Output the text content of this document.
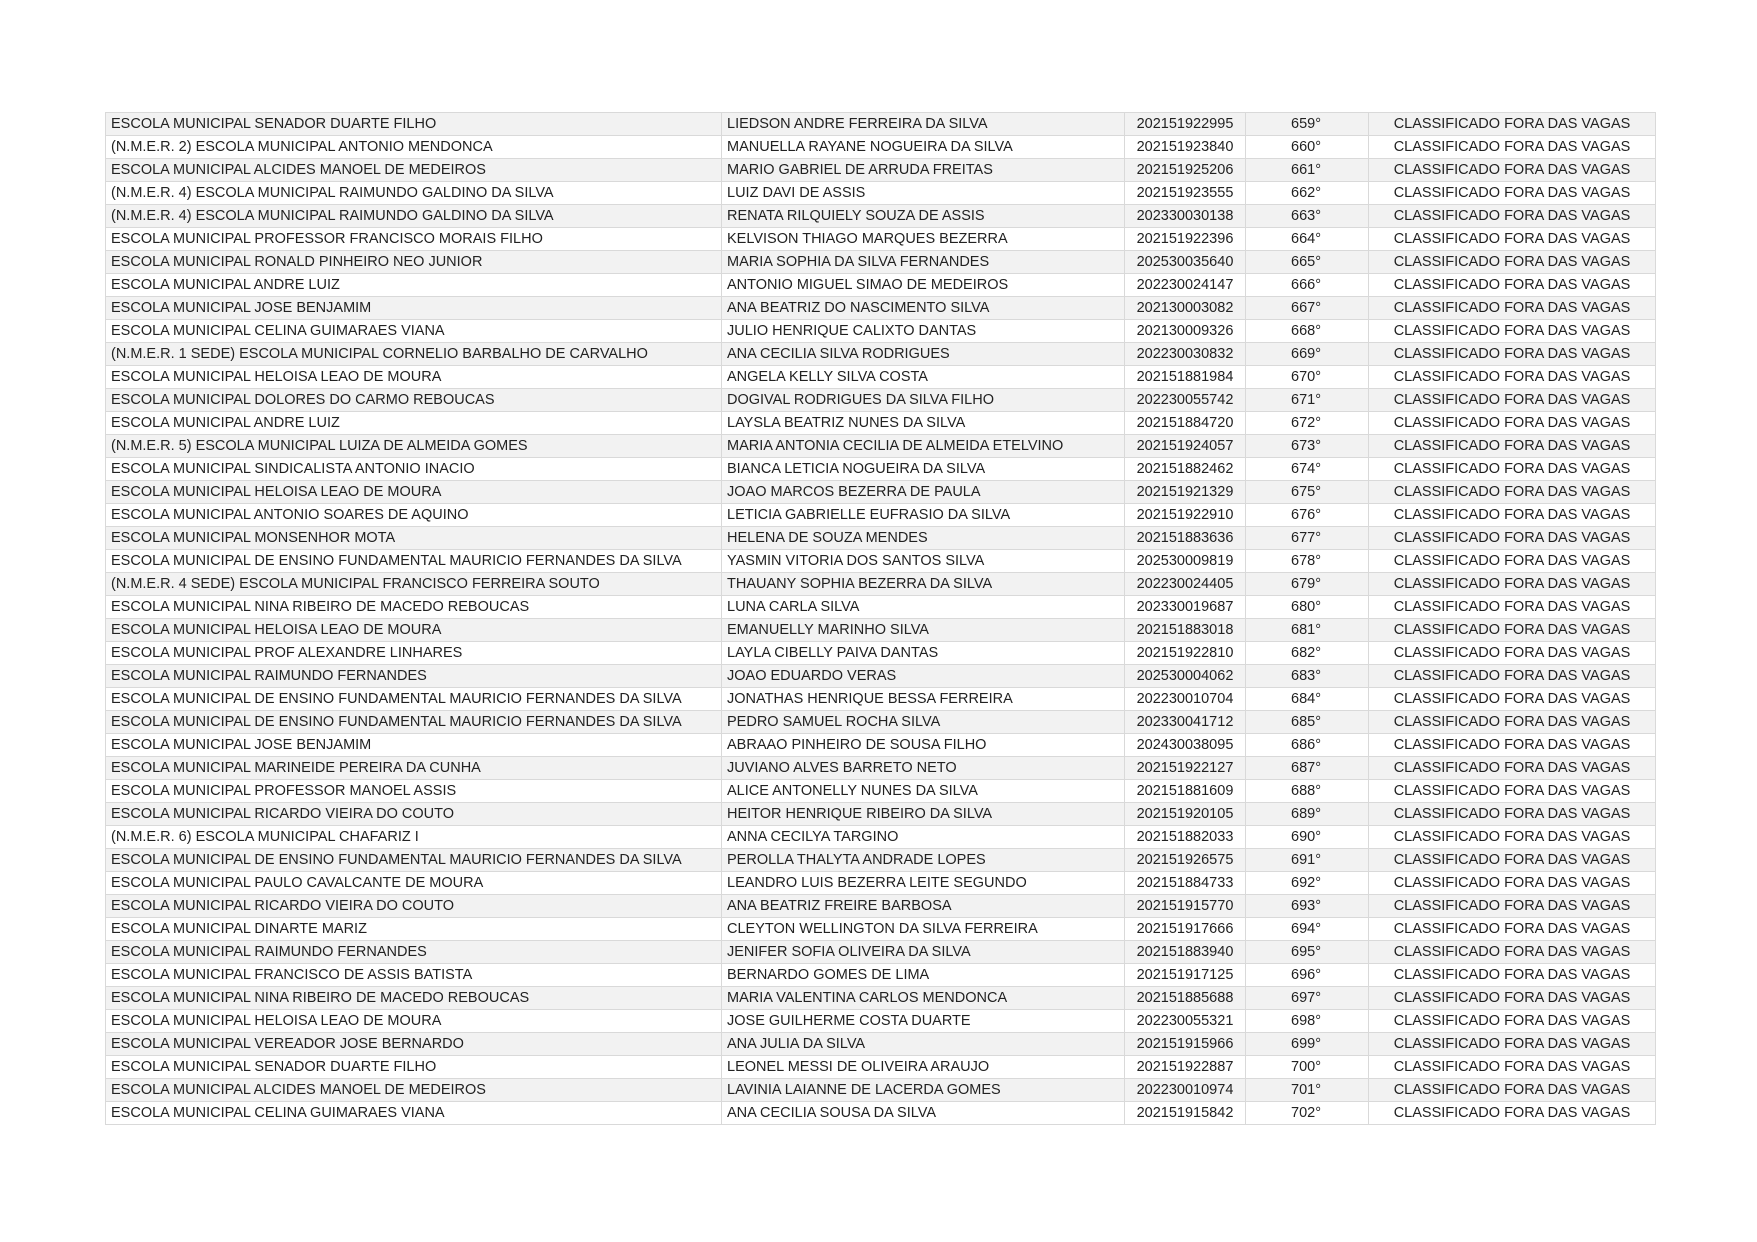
ESCOLA MUNICIPAL SENADOR DUARTE FILHO	LIEDSON ANDRE FERREIRA DA SILVA	202151922995	659°	CLASSIFICADO FORA DAS VAGAS
(N.M.E.R. 2) ESCOLA MUNICIPAL ANTONIO MENDONCA	MANUELLA RAYANE NOGUEIRA DA SILVA	202151923840	660°	CLASSIFICADO FORA DAS VAGAS
ESCOLA MUNICIPAL ALCIDES MANOEL DE MEDEIROS	MARIO GABRIEL DE ARRUDA FREITAS	202151925206	661°	CLASSIFICADO FORA DAS VAGAS
(N.M.E.R. 4) ESCOLA MUNICIPAL RAIMUNDO GALDINO DA SILVA	LUIZ DAVI DE ASSIS	202151923555	662°	CLASSIFICADO FORA DAS VAGAS
(N.M.E.R. 4) ESCOLA MUNICIPAL RAIMUNDO GALDINO DA SILVA	RENATA RILQUIELY SOUZA DE ASSIS	202330030138	663°	CLASSIFICADO FORA DAS VAGAS
ESCOLA MUNICIPAL PROFESSOR FRANCISCO MORAIS FILHO	KELVISON THIAGO MARQUES BEZERRA	202151922396	664°	CLASSIFICADO FORA DAS VAGAS
ESCOLA MUNICIPAL RONALD PINHEIRO NEO JUNIOR	MARIA SOPHIA DA SILVA FERNANDES	202530035640	665°	CLASSIFICADO FORA DAS VAGAS
ESCOLA MUNICIPAL ANDRE LUIZ	ANTONIO MIGUEL SIMAO DE MEDEIROS	202230024147	666°	CLASSIFICADO FORA DAS VAGAS
ESCOLA MUNICIPAL JOSE BENJAMIM	ANA BEATRIZ DO NASCIMENTO SILVA	202130003082	667°	CLASSIFICADO FORA DAS VAGAS
ESCOLA MUNICIPAL CELINA GUIMARAES VIANA	JULIO HENRIQUE CALIXTO DANTAS	202130009326	668°	CLASSIFICADO FORA DAS VAGAS
(N.M.E.R. 1 SEDE) ESCOLA MUNICIPAL CORNELIO BARBALHO DE CARVALHO	ANA CECILIA SILVA RODRIGUES	202230030832	669°	CLASSIFICADO FORA DAS VAGAS
ESCOLA MUNICIPAL HELOISA LEAO DE MOURA	ANGELA KELLY SILVA COSTA	202151881984	670°	CLASSIFICADO FORA DAS VAGAS
ESCOLA MUNICIPAL DOLORES DO CARMO REBOUCAS	DOGIVAL RODRIGUES DA SILVA FILHO	202230055742	671°	CLASSIFICADO FORA DAS VAGAS
ESCOLA MUNICIPAL ANDRE LUIZ	LAYSLA BEATRIZ NUNES DA SILVA	202151884720	672°	CLASSIFICADO FORA DAS VAGAS
(N.M.E.R. 5) ESCOLA MUNICIPAL LUIZA DE ALMEIDA GOMES	MARIA ANTONIA CECILIA DE ALMEIDA ETELVINO	202151924057	673°	CLASSIFICADO FORA DAS VAGAS
ESCOLA MUNICIPAL SINDICALISTA ANTONIO INACIO	BIANCA LETICIA NOGUEIRA DA SILVA	202151882462	674°	CLASSIFICADO FORA DAS VAGAS
ESCOLA MUNICIPAL HELOISA LEAO DE MOURA	JOAO MARCOS BEZERRA DE PAULA	202151921329	675°	CLASSIFICADO FORA DAS VAGAS
ESCOLA MUNICIPAL ANTONIO SOARES DE AQUINO	LETICIA GABRIELLE EUFRASIO DA SILVA	202151922910	676°	CLASSIFICADO FORA DAS VAGAS
ESCOLA MUNICIPAL MONSENHOR MOTA	HELENA DE SOUZA MENDES	202151883636	677°	CLASSIFICADO FORA DAS VAGAS
ESCOLA MUNICIPAL DE ENSINO FUNDAMENTAL MAURICIO FERNANDES DA SILVA	YASMIN VITORIA DOS SANTOS SILVA	202530009819	678°	CLASSIFICADO FORA DAS VAGAS
(N.M.E.R. 4 SEDE) ESCOLA MUNICIPAL FRANCISCO FERREIRA SOUTO	THAUANY SOPHIA BEZERRA DA SILVA	202230024405	679°	CLASSIFICADO FORA DAS VAGAS
ESCOLA MUNICIPAL NINA RIBEIRO DE MACEDO REBOUCAS	LUNA CARLA SILVA	202330019687	680°	CLASSIFICADO FORA DAS VAGAS
ESCOLA MUNICIPAL HELOISA LEAO DE MOURA	EMANUELLY MARINHO SILVA	202151883018	681°	CLASSIFICADO FORA DAS VAGAS
ESCOLA MUNICIPAL PROF ALEXANDRE LINHARES	LAYLA CIBELLY PAIVA DANTAS	202151922810	682°	CLASSIFICADO FORA DAS VAGAS
ESCOLA MUNICIPAL RAIMUNDO FERNANDES	JOAO EDUARDO VERAS	202530004062	683°	CLASSIFICADO FORA DAS VAGAS
ESCOLA MUNICIPAL DE ENSINO FUNDAMENTAL MAURICIO FERNANDES DA SILVA	JONATHAS HENRIQUE BESSA FERREIRA	202230010704	684°	CLASSIFICADO FORA DAS VAGAS
ESCOLA MUNICIPAL DE ENSINO FUNDAMENTAL MAURICIO FERNANDES DA SILVA	PEDRO SAMUEL ROCHA SILVA	202330041712	685°	CLASSIFICADO FORA DAS VAGAS
ESCOLA MUNICIPAL JOSE BENJAMIM	ABRAAO PINHEIRO DE SOUSA FILHO	202430038095	686°	CLASSIFICADO FORA DAS VAGAS
ESCOLA MUNICIPAL MARINEIDE PEREIRA DA CUNHA	JUVIANO ALVES BARRETO NETO	202151922127	687°	CLASSIFICADO FORA DAS VAGAS
ESCOLA MUNICIPAL PROFESSOR MANOEL ASSIS	ALICE ANTONELLY NUNES DA SILVA	202151881609	688°	CLASSIFICADO FORA DAS VAGAS
ESCOLA MUNICIPAL RICARDO VIEIRA DO COUTO	HEITOR HENRIQUE RIBEIRO DA SILVA	202151920105	689°	CLASSIFICADO FORA DAS VAGAS
(N.M.E.R. 6) ESCOLA MUNICIPAL CHAFARIZ I	ANNA CECILYA TARGINO	202151882033	690°	CLASSIFICADO FORA DAS VAGAS
ESCOLA MUNICIPAL DE ENSINO FUNDAMENTAL MAURICIO FERNANDES DA SILVA	PEROLLA THALYTA ANDRADE LOPES	202151926575	691°	CLASSIFICADO FORA DAS VAGAS
ESCOLA MUNICIPAL PAULO CAVALCANTE DE MOURA	LEANDRO LUIS BEZERRA LEITE SEGUNDO	202151884733	692°	CLASSIFICADO FORA DAS VAGAS
ESCOLA MUNICIPAL RICARDO VIEIRA DO COUTO	ANA BEATRIZ FREIRE BARBOSA	202151915770	693°	CLASSIFICADO FORA DAS VAGAS
ESCOLA MUNICIPAL DINARTE MARIZ	CLEYTON WELLINGTON DA SILVA FERREIRA	202151917666	694°	CLASSIFICADO FORA DAS VAGAS
ESCOLA MUNICIPAL RAIMUNDO FERNANDES	JENIFER SOFIA OLIVEIRA DA SILVA	202151883940	695°	CLASSIFICADO FORA DAS VAGAS
ESCOLA MUNICIPAL FRANCISCO DE ASSIS BATISTA	BERNARDO GOMES DE LIMA	202151917125	696°	CLASSIFICADO FORA DAS VAGAS
ESCOLA MUNICIPAL NINA RIBEIRO DE MACEDO REBOUCAS	MARIA VALENTINA CARLOS MENDONCA	202151885688	697°	CLASSIFICADO FORA DAS VAGAS
ESCOLA MUNICIPAL HELOISA LEAO DE MOURA	JOSE GUILHERME COSTA DUARTE	202230055321	698°	CLASSIFICADO FORA DAS VAGAS
ESCOLA MUNICIPAL VEREADOR JOSE BERNARDO	ANA JULIA DA SILVA	202151915966	699°	CLASSIFICADO FORA DAS VAGAS
ESCOLA MUNICIPAL SENADOR DUARTE FILHO	LEONEL MESSI DE OLIVEIRA ARAUJO	202151922887	700°	CLASSIFICADO FORA DAS VAGAS
ESCOLA MUNICIPAL ALCIDES MANOEL DE MEDEIROS	LAVINIA LAIANNE DE LACERDA GOMES	202230010974	701°	CLASSIFICADO FORA DAS VAGAS
ESCOLA MUNICIPAL CELINA GUIMARAES VIANA	ANA CECILIA SOUSA DA SILVA	202151915842	702°	CLASSIFICADO FORA DAS VAGAS
